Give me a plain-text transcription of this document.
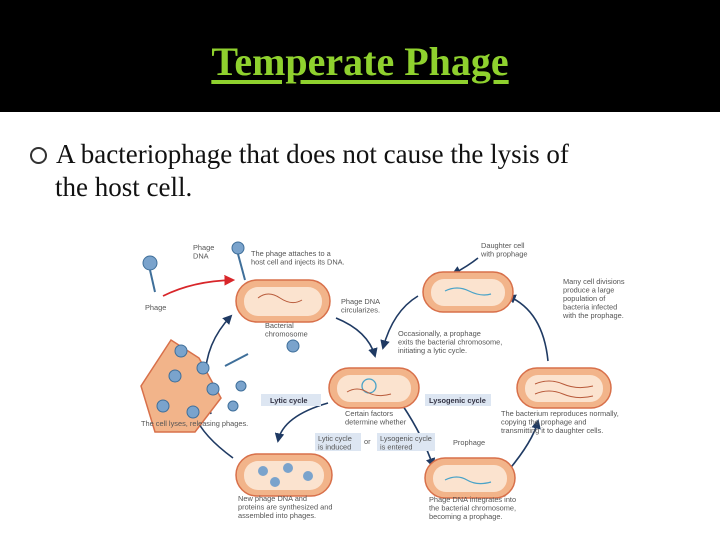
Temperate Phage
A bacteriophage that does not cause the lysis of
the host cell.
Phage DNA
Phage
The phage attaches to a host cell and injects its DNA.
Phage DNA circularizes.
Bacterial chromosome
Daughter cell with prophage
Many cell divisions produce a large population of bacteria infected with the prophage.
Occasionally, a prophage exits the bacterial chromosome, initiating a lytic cycle.
Lytic cycle	Lysogenic cycle
Certain factors determine whether
Lytic cycle is induced
or Lysogenic cycle is entered
The cell lyses, releasing phages.
The bacterium reproduces normally, copying the prophage and transmitting it to daughter cells.
Prophage
New phage DNA and proteins are synthesized and assembled into phages.
Phage DNA integrates into the bacterial chromosome, becoming a prophage.
